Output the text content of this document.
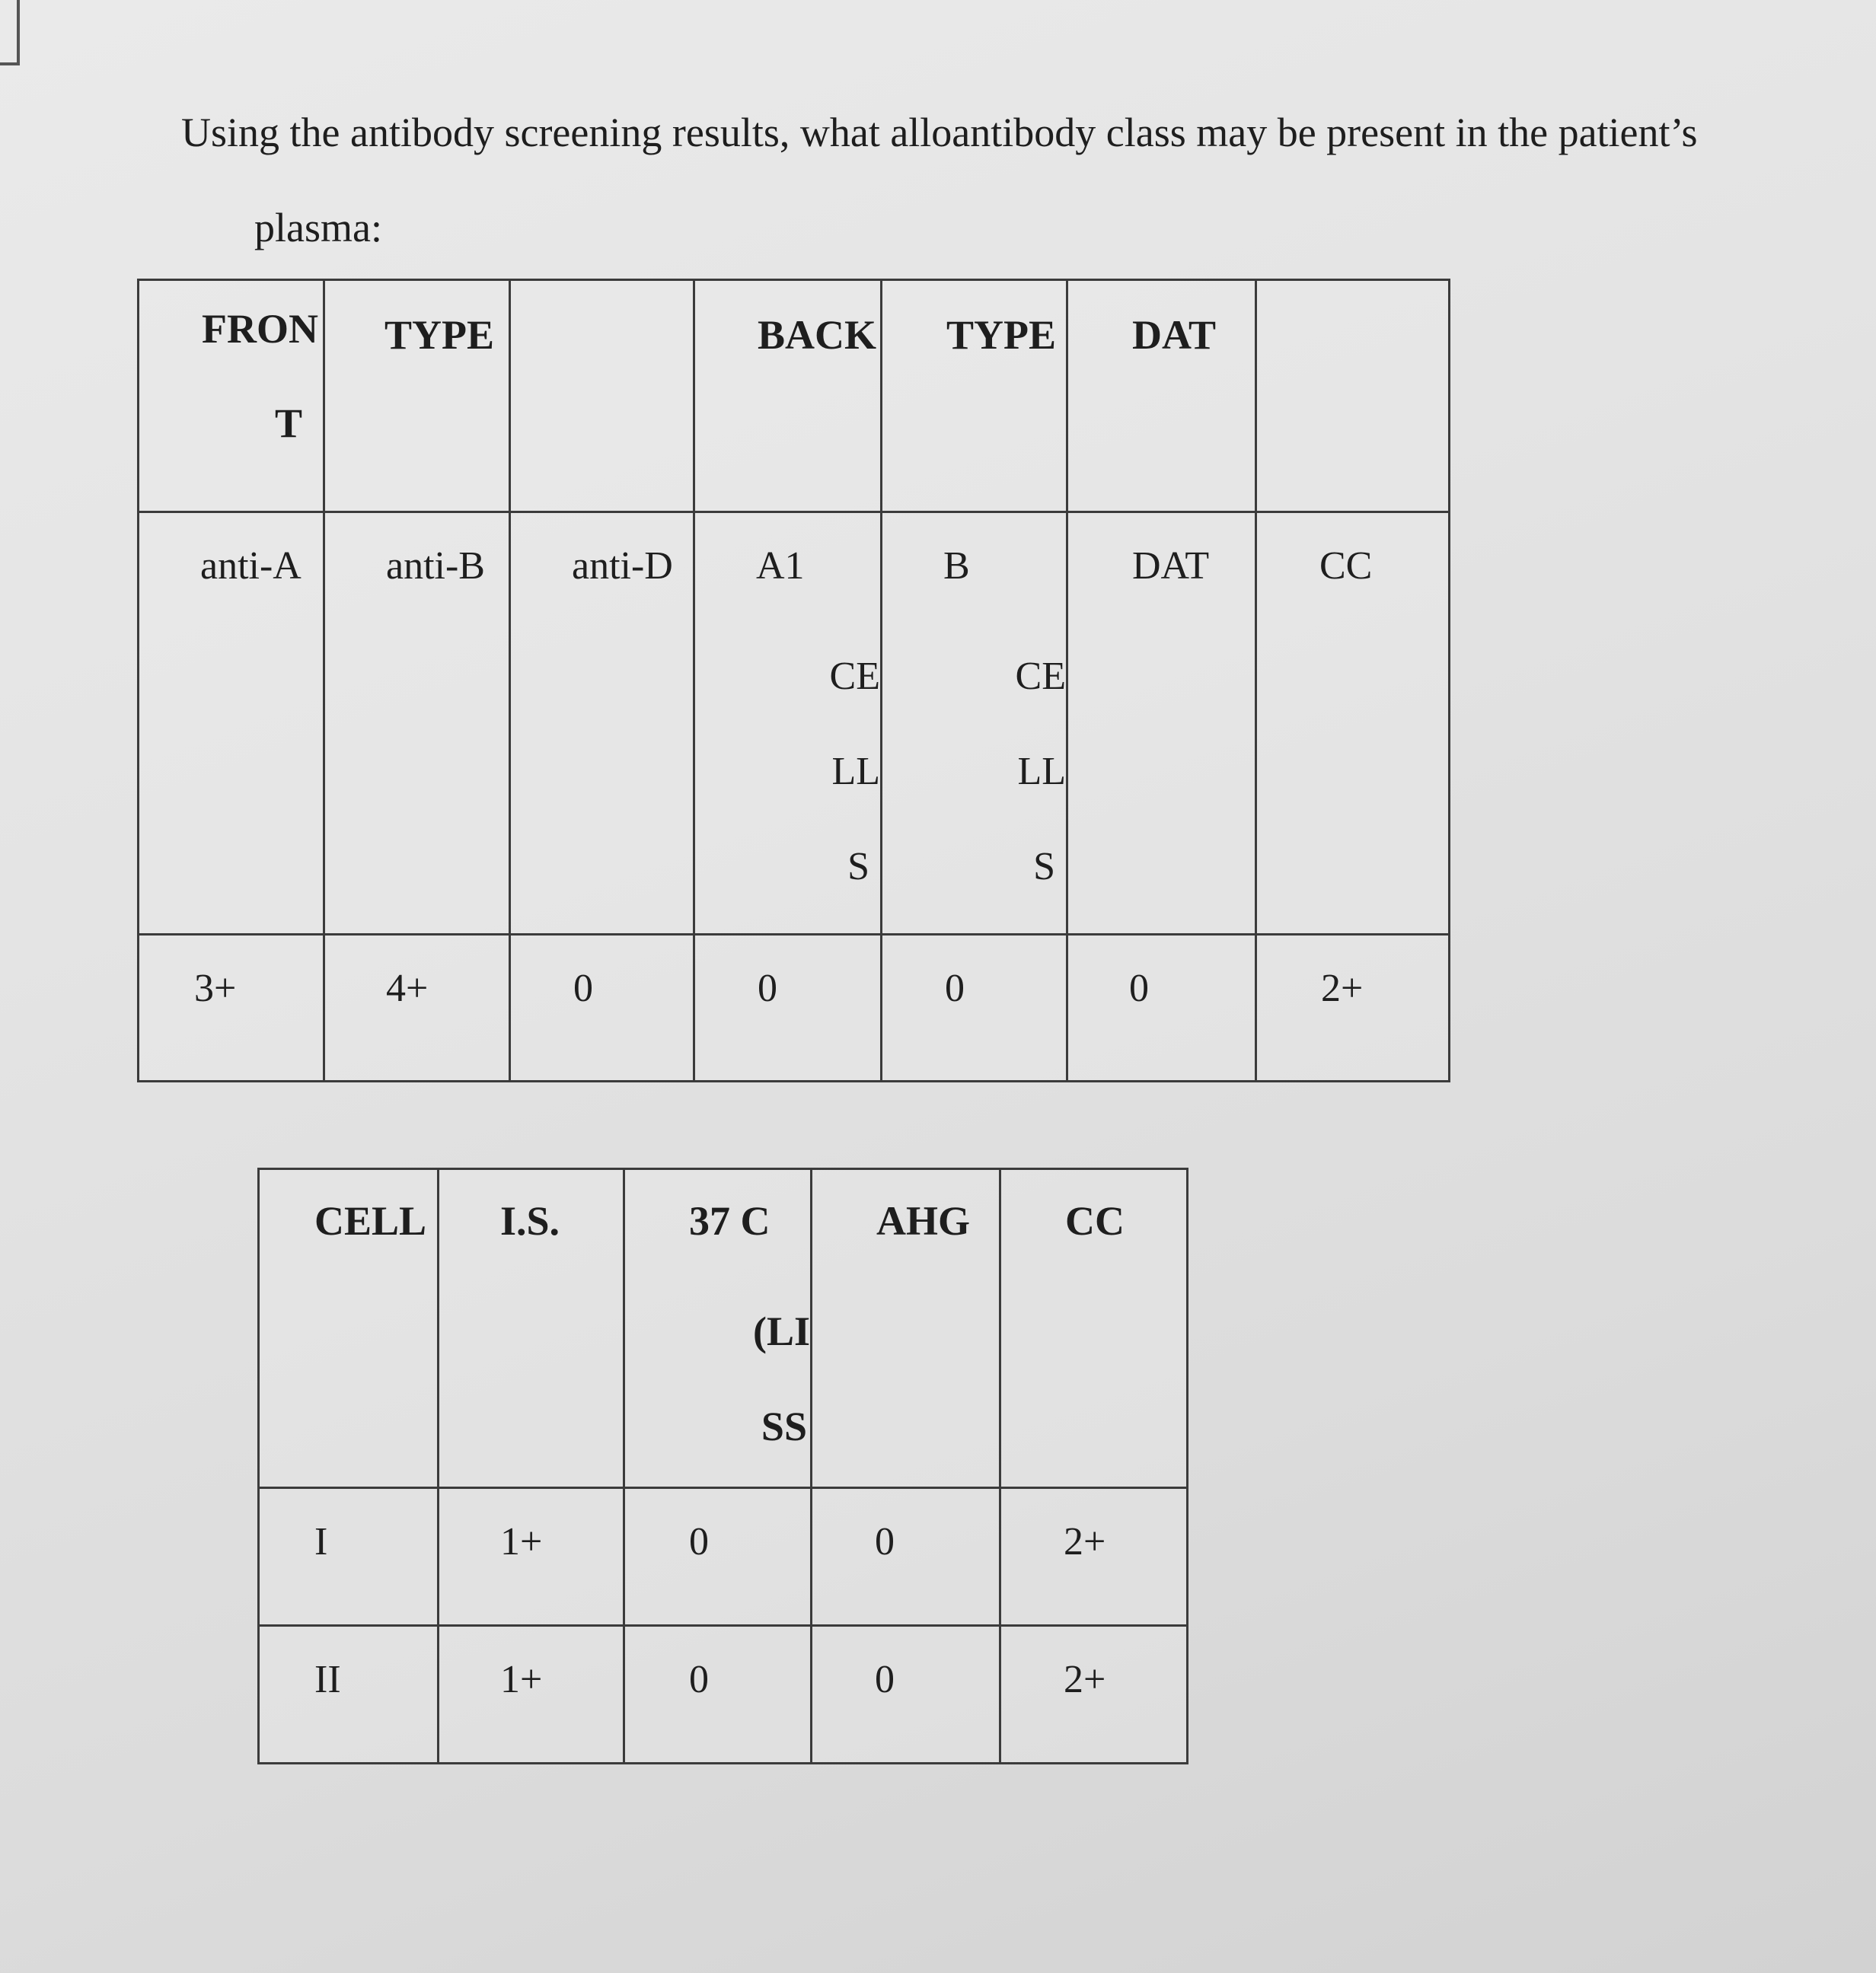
Using the antibody screening results, what alloantibody class may be present in the patient’s
plasma:

FRON
T	TYPE		BACK	TYPE	DAT	

anti-A	anti-B	anti-D	A1
CE
LL
S	B
CE
LL
S	DAT	CC

3+	4+	0	0	0	0	2+
CELL	I.S.	37 C
(LI
SS	AHG	CC

I	1+	0	0	2+

II	1+	0	0	2+
